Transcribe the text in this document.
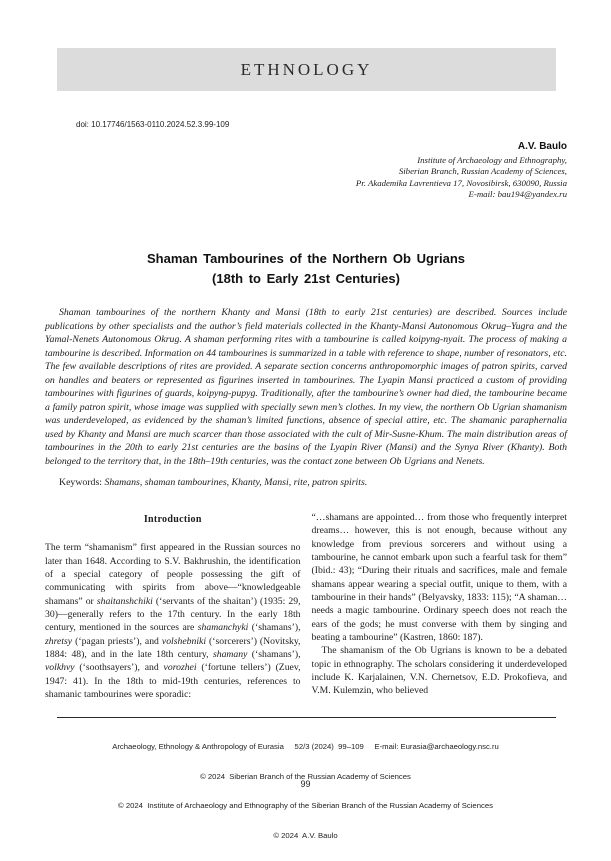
ETHNOLOGY
doi: 10.17746/1563-0110.2024.52.3.99-109
A.V. Baulo
Institute of Archaeology and Ethnography,
Siberian Branch, Russian Academy of Sciences,
Pr. Akademika Lavrentieva 17, Novosibirsk, 630090, Russia
E-mail: bau194@yandex.ru
Shaman Tambourines of the Northern Ob Ugrians
(18th to Early 21st Centuries)
Shaman tambourines of the northern Khanty and Mansi (18th to early 21st centuries) are described. Sources include publications by other specialists and the author’s field materials collected in the Khanty-Mansi Autonomous Okrug–Yugra and the Yamal-Nenets Autonomous Okrug. A shaman performing rites with a tambourine is called koipyng-nyait. The process of making a tambourine is described. Information on 44 tambourines is summarized in a table with reference to shape, number of resonators, etc. The few available descriptions of rites are provided. A separate section concerns anthropomorphic images of patron spirits, carved on handles and beaters or represented as figurines inserted in tambourines. The Lyapin Mansi practiced a custom of providing tambourines with figurines of guards, koipyng-pupyg. Traditionally, after the tambourine’s owner had died, the tambourine became a family patron spirit, whose image was supplied with specially sewn men’s clothes. In my view, the northern Ob Ugrian shamanism was underdeveloped, as evidenced by the shaman’s limited functions, absence of special attire, etc. The shamanic paraphernalia used by Khanty and Mansi are much scarcer than those associated with the cult of Mir-Susne-Khum. The main distribution areas of tambourines in the 20th to early 21st centuries are the basins of the Lyapin River (Mansi) and the Synya River (Khanty). Both belonged to the territory that, in the 18th–19th centuries, was the contact zone between Ob Ugrians and Nenets.
Keywords: Shamans, shaman tambourines, Khanty, Mansi, rite, patron spirits.
Introduction

The term “shamanism” first appeared in the Russian sources no later than 1648. According to S.V. Bakhrushin, the identification of a special category of people possessing the gift of communicating with spirits from above—“knowledgeable shamans” or shaitanshchiki (‘servants of the shaitan’) (1935: 29, 30)—generally refers to the 17th century. In the early 18th century, mentioned in the sources are shamanchyki (‘shamans’), zhretsy (‘pagan priests’), and volshebniki (‘sorcerers’) (Novitsky, 1884: 48), and in the late 18th century, shamany (‘shamans’), volkhvy (‘soothsayers’), and vorozhei (‘fortune tellers’) (Zuev, 1947: 41). In the 18th to mid-19th centuries, references to shamanic tambourines were sporadic:

“…shamans are appointed… from those who frequently interpret dreams… however, this is not enough, because without any knowledge from previous sorcerers and without using a tambourine, he cannot embark upon such a fearful task for them” (Ibid.: 43); “During their rituals and sacrifices, male and female shamans appear wearing a special outfit, unique to them, with a tambourine in their hands” (Belyavsky, 1833: 115); “A shaman… needs a magic tambourine. Ordinary speech does not reach the ears of the gods; he must converse with them by singing and beating a tambourine” (Kastren, 1860: 187).

The shamanism of the Ob Ugrians is known to be a debated topic in ethnography. The scholars considering it underdeveloped include K. Karjalainen, V.N. Chernetsov, E.D. Prokofieva, and V.M. Kulemzin, who believed

Archaeology, Ethnology & Anthropology of Eurasia     52/3 (2024)  99–109     E-mail: Eurasia@archaeology.nsc.ru

© 2024  Siberian Branch of the Russian Academy of Sciences

© 2024  Institute of Archaeology and Ethnography of the Siberian Branch of the Russian Academy of Sciences

© 2024  A.V. Baulo

99
